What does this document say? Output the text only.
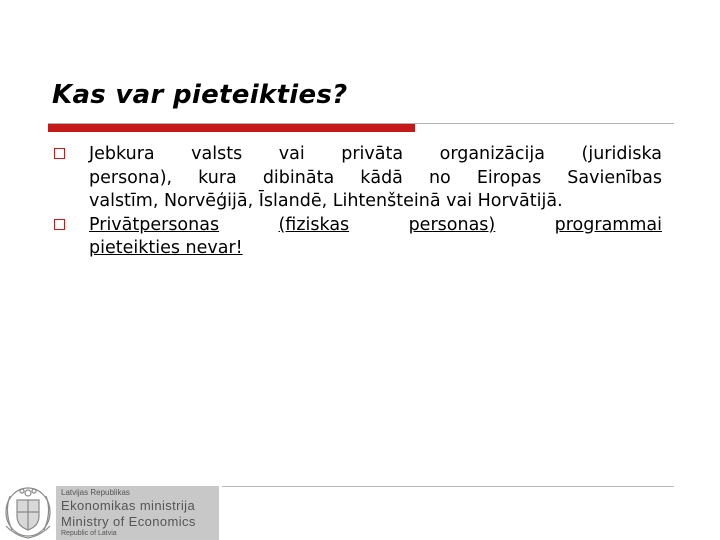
Kas var pieteikties?
Jebkura valsts vai privāta organizācija (juridiska
persona), kura dibināta kādā no Eiropas Savienības
valstīm, Norvēģijā, Īslandē, Lihtenšteinā vai Horvātijā.
Privātpersonas	(fiziskas	personas)	programmai
pieteikties nevar!
Latvijas Republikas
Ekonomikas ministrija
Ministry of Economics
Republic of Latvia
